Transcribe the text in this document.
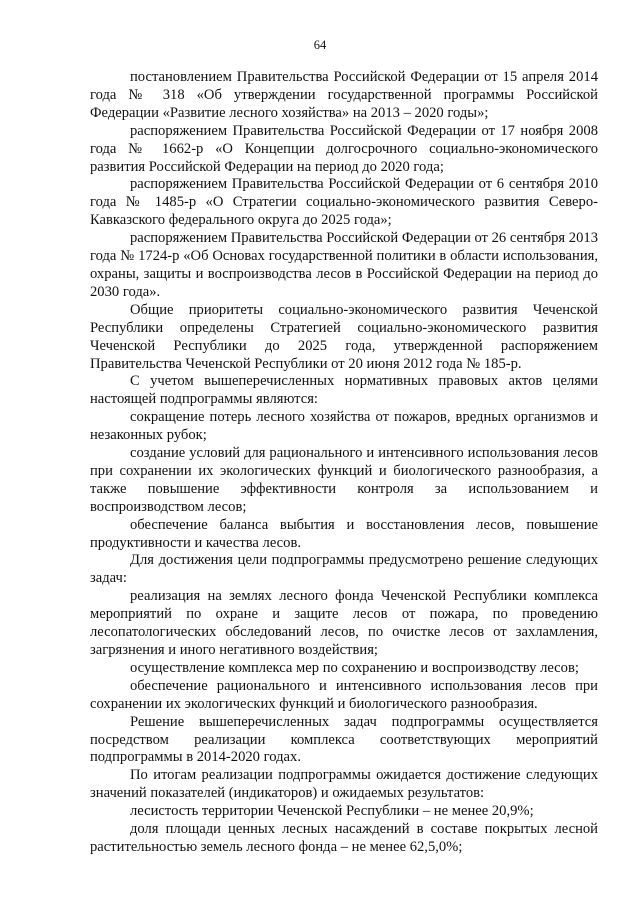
64

постановлением Правительства Российской Федерации от 15 апреля 2014 года № 318 «Об утверждении государственной программы Российской Федерации «Развитие лесного хозяйства» на 2013 – 2020 годы»;

распоряжением Правительства Российской Федерации от 17 ноября 2008 года № 1662-р «О Концепции долгосрочного социально-экономического развития Российской Федерации на период до 2020 года;

распоряжением Правительства Российской Федерации от 6 сентября 2010 года № 1485-р «О Стратегии социально-экономического развития Северо-Кавказского федерального округа до 2025 года»;

распоряжением Правительства Российской Федерации от 26 сентября 2013 года № 1724-р «Об Основах государственной политики в области использования, охраны, защиты и воспроизводства лесов в Российской Федерации на период до 2030 года».

Общие приоритеты социально-экономического развития Чеченской Республики определены Стратегией социально-экономического развития Чеченской Республики до 2025 года, утвержденной распоряжением Правительства Чеченской Республики от 20 июня 2012 года № 185-р.

С учетом вышеперечисленных нормативных правовых актов целями настоящей подпрограммы являются:

сокращение потерь лесного хозяйства от пожаров, вредных организмов и незаконных рубок;

создание условий для рационального и интенсивного использования лесов при сохранении их экологических функций и биологического разнообразия, а также повышение эффективности контроля за использованием и воспроизводством лесов;

обеспечение баланса выбытия и восстановления лесов, повышение продуктивности и качества лесов.

Для достижения цели подпрограммы предусмотрено решение следующих задач:

реализация на землях лесного фонда Чеченской Республики комплекса мероприятий по охране и защите лесов от пожара, по проведению лесопатологических обследований лесов, по очистке лесов от захламления, загрязнения и иного негативного воздействия;

осуществление комплекса мер по сохранению и воспроизводству лесов;

обеспечение рационального и интенсивного использования лесов при сохранении их экологических функций и биологического разнообразия.

Решение вышеперечисленных задач подпрограммы осуществляется посредством реализации комплекса соответствующих мероприятий подпрограммы в 2014-2020 годах.

По итогам реализации подпрограммы ожидается достижение следующих значений показателей (индикаторов) и ожидаемых результатов:

лесистость территории Чеченской Республики – не менее 20,9%;

доля площади ценных лесных насаждений в составе покрытых лесной растительностью земель лесного фонда – не менее 62,5,0%;
